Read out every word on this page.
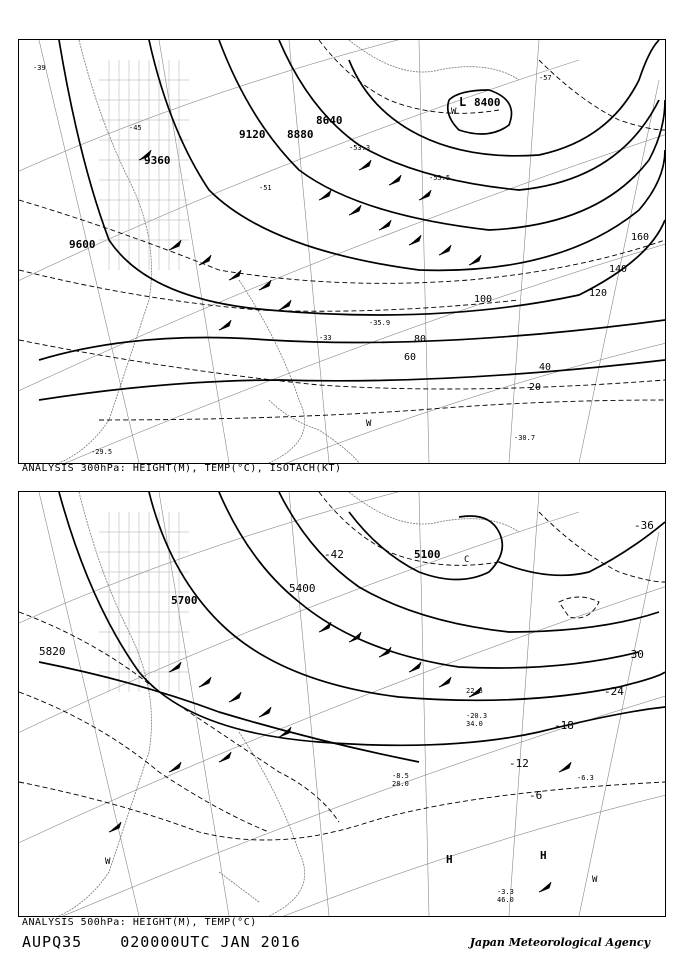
9600
9360
9120 8880
8640
8400
20
40
60
80
100
120
140
160
-39
-45
-51
-57
-33
-30.7
-29.5
-35.9
-53.3
-55.5
L
W
W
ANALYSIS 300hPa: HEIGHT(M), TEMP(°C), ISOTACH(KT)
5820
5700
5400
5100
-36
-30
-24
-18
-12
-6
-42
-8.5
28.0
-6.3
-3.3
46.0
22.3
-20.3
34.0
H	H
W
W
C
ANALYSIS 500hPa: HEIGHT(M), TEMP(°C)
AUPQ35	020000UTC JAN 2016	Japan Meteorological Agency
